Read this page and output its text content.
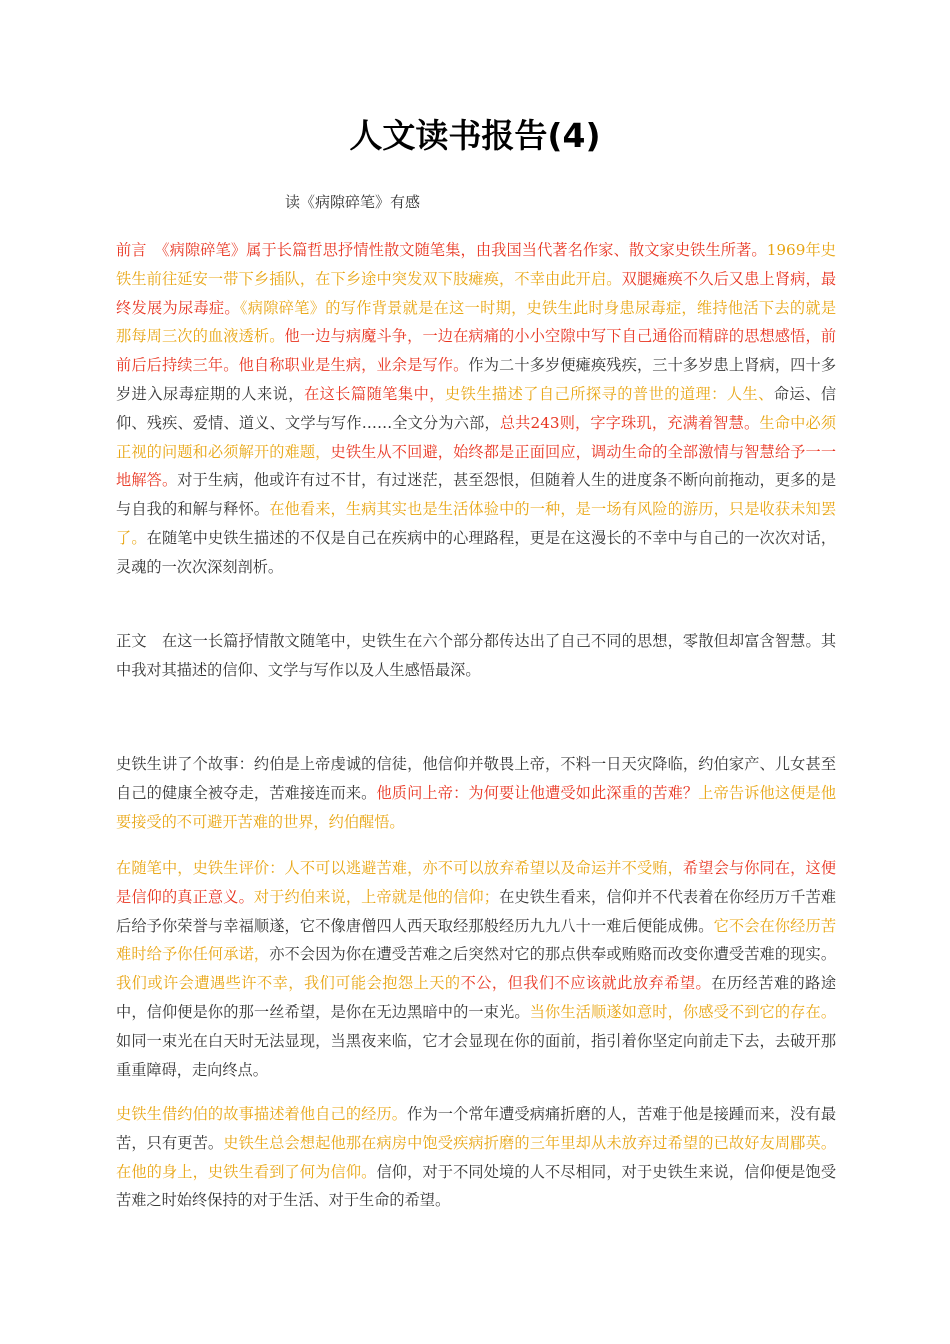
人文读书报告(4)
读《病隙碎笔》有感

前言　《病隙碎笔》属于长篇哲思抒情性散文随笔集，由我国当代著名作家、散文家史铁生所著。1969年史铁生前往延安一带下乡插队，在下乡途中突发双下肢瘫痪，不幸由此开启。双腿瘫痪不久后又患上肾病，最终发展为尿毒症。《病隙碎笔》的写作背景就是在这一时期，史铁生此时身患尿毒症，维持他活下去的就是那每周三次的血液透析。他一边与病魔斗争，一边在病痛的小小空隙中写下自己通俗而精辟的思想感悟，前前后后持续三年。他自称职业是生病，业余是写作。作为二十多岁便瘫痪残疾，三十多岁患上肾病，四十多岁进入尿毒症期的人来说，在这长篇随笔集中，史铁生描述了自己所探寻的普世的道理：人生、命运、信仰、残疾、爱情、道义、文学与写作……全文分为六部，总共243则，字字珠玑，充满着智慧。生命中必须正视的问题和必须解开的难题，史铁生从不回避，始终都是正面回应，调动生命的全部激情与智慧给予一一地解答。对于生病，他或许有过不甘，有过迷茫，甚至怨恨，但随着人生的进度条不断向前拖动，更多的是与自我的和解与释怀。在他看来，生病其实也是生活体验中的一种，是一场有风险的游历，只是收获未知罢了。在随笔中史铁生描述的不仅是自己在疾病中的心理路程，更是在这漫长的不幸中与自己的一次次对话，灵魂的一次次深刻剖析。

正文　在这一长篇抒情散文随笔中，史铁生在六个部分都传达出了自己不同的思想，零散但却富含智慧。其中我对其描述的信仰、文学与写作以及人生感悟最深。

史铁生讲了个故事：约伯是上帝虔诚的信徒，他信仰并敬畏上帝，不料一日天灾降临，约伯家产、儿女甚至自己的健康全被夺走，苦难接连而来。他质问上帝：为何要让他遭受如此深重的苦难？上帝告诉他这便是他要接受的不可避开苦难的世界，约伯醒悟。

在随笔中，史铁生评价：人不可以逃避苦难，亦不可以放弃希望以及命运并不受贿，希望会与你同在，这便是信仰的真正意义。对于约伯来说，上帝就是他的信仰；在史铁生看来，信仰并不代表着在你经历万千苦难后给予你荣誉与幸福顺遂，它不像唐僧四人西天取经那般经历九九八十一难后便能成佛。它不会在你经历苦难时给予你任何承诺，亦不会因为你在遭受苦难之后突然对它的那点供奉或贿赂而改变你遭受苦难的现实。我们或许会遭遇些许不幸，我们可能会抱怨上天的不公，但我们不应该就此放弃希望。在历经苦难的路途中，信仰便是你的那一丝希望，是你在无边黑暗中的一束光。当你生活顺遂如意时，你感受不到它的存在。如同一束光在白天时无法显现，当黑夜来临，它才会显现在你的面前，指引着你坚定向前走下去，去破开那重重障碍，走向终点。

史铁生借约伯的故事描述着他自己的经历。作为一个常年遭受病痛折磨的人，苦难于他是接踵而来，没有最苦，只有更苦。史铁生总会想起他那在病房中饱受疾病折磨的三年里却从未放弃过希望的已故好友周郿英。在他的身上，史铁生看到了何为信仰。信仰，对于不同处境的人不尽相同，对于史铁生来说，信仰便是饱受苦难之时始终保持的对于生活、对于生命的希望。
